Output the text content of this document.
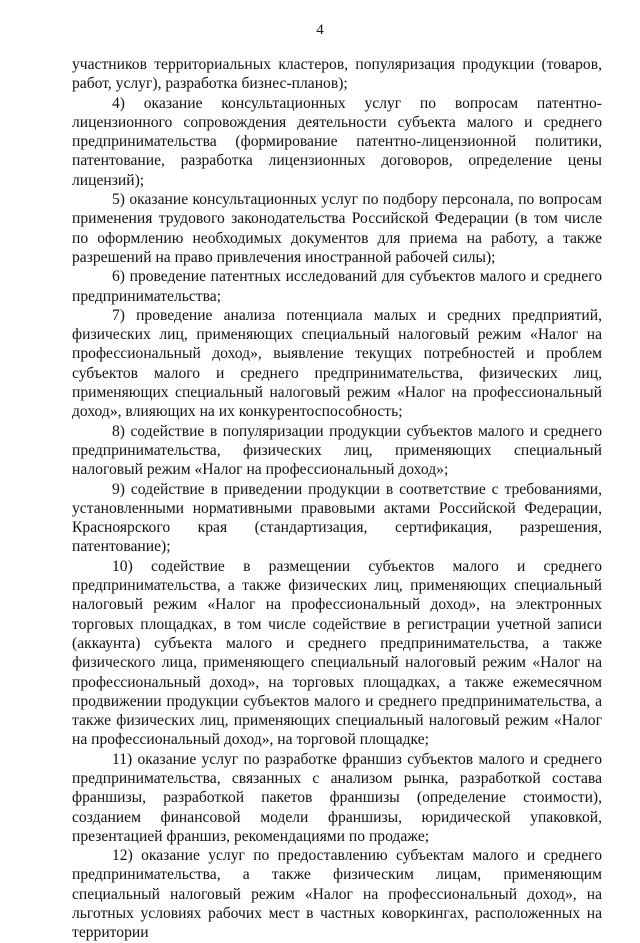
4

участников территориальных кластеров, популяризация продукции (товаров, работ, услуг), разработка бизнес-планов);

4) оказание консультационных услуг по вопросам патентно-лицензионного сопровождения деятельности субъекта малого и среднего предпринимательства (формирование патентно-лицензионной политики, патентование, разработка лицензионных договоров, определение цены лицензий);

5) оказание консультационных услуг по подбору персонала, по вопросам применения трудового законодательства Российской Федерации (в том числе по оформлению необходимых документов для приема на работу, а также разрешений на право привлечения иностранной рабочей силы);

6) проведение патентных исследований для субъектов малого и среднего предпринимательства;

7) проведение анализа потенциала малых и средних предприятий, физических лиц, применяющих специальный налоговый режим «Налог на профессиональный доход», выявление текущих потребностей и проблем субъектов малого и среднего предпринимательства, физических лиц, применяющих специальный налоговый режим «Налог на профессиональный доход», влияющих на их конкурентоспособность;

8) содействие в популяризации продукции субъектов малого и среднего предпринимательства, физических лиц, применяющих специальный налоговый режим «Налог на профессиональный доход»;

9) содействие в приведении продукции в соответствие с требованиями, установленными нормативными правовыми актами Российской Федерации, Красноярского края (стандартизация, сертификация, разрешения, патентование);

10) содействие в размещении субъектов малого и среднего предпринимательства, а также физических лиц, применяющих специальный налоговый режим «Налог на профессиональный доход», на электронных торговых площадках, в том числе содействие в регистрации учетной записи (аккаунта) субъекта малого и среднего предпринимательства, а также физического лица, применяющего специальный налоговый режим «Налог на профессиональный доход», на торговых площадках, а также ежемесячном продвижении продукции субъектов малого и среднего предпринимательства, а также физических лиц, применяющих специальный налоговый режим «Налог на профессиональный доход», на торговой площадке;

11) оказание услуг по разработке франшиз субъектов малого и среднего предпринимательства, связанных с анализом рынка, разработкой состава франшизы, разработкой пакетов франшизы (определение стоимости), созданием финансовой модели франшизы, юридической упаковкой, презентацией франшиз, рекомендациями по продаже;

12) оказание услуг по предоставлению субъектам малого и среднего предпринимательства, а также физическим лицам, применяющим специальный налоговый режим «Налог на профессиональный доход», на льготных условиях рабочих мест в частных коворкингах, расположенных на территории
